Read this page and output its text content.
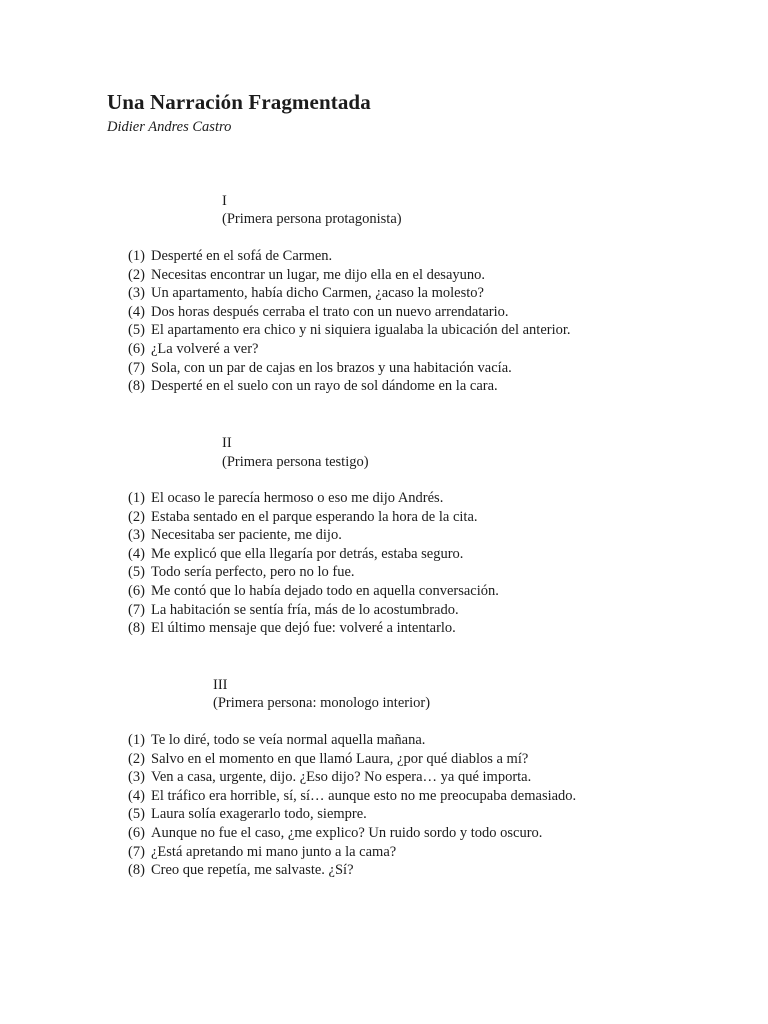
Una Narración Fragmentada
Didier Andres Castro
I
(Primera persona protagonista)
(1) Desperté en el sofá de Carmen.
(2) Necesitas encontrar un lugar, me dijo ella en el desayuno.
(3) Un apartamento, había dicho Carmen, ¿acaso la molesto?
(4) Dos horas después cerraba el trato con un nuevo arrendatario.
(5) El apartamento era chico y ni siquiera igualaba la ubicación del anterior.
(6) ¿La volveré a ver?
(7) Sola, con un par de cajas en los brazos y una habitación vacía.
(8) Desperté en el suelo con un rayo de sol dándome en la cara.
II
(Primera persona testigo)
(1) El ocaso le parecía hermoso o eso me dijo Andrés.
(2) Estaba sentado en el parque esperando la hora de la cita.
(3) Necesitaba ser paciente, me dijo.
(4) Me explicó que ella llegaría por detrás, estaba seguro.
(5) Todo sería perfecto, pero no lo fue.
(6) Me contó que lo había dejado todo en aquella conversación.
(7) La habitación se sentía fría, más de lo acostumbrado.
(8) El último mensaje que dejó fue: volveré a intentarlo.
III
(Primera persona: monologo interior)
(1) Te lo diré, todo se veía normal aquella mañana.
(2) Salvo en el momento en que llamó Laura, ¿por qué diablos a mí?
(3) Ven a casa, urgente, dijo. ¿Eso dijo? No espera… ya qué importa.
(4) El tráfico era horrible, sí, sí… aunque esto no me preocupaba demasiado.
(5) Laura solía exagerarlo todo, siempre.
(6) Aunque no fue el caso, ¿me explico? Un ruido sordo y todo oscuro.
(7) ¿Está apretando mi mano junto a la cama?
(8) Creo que repetía, me salvaste. ¿Sí?
